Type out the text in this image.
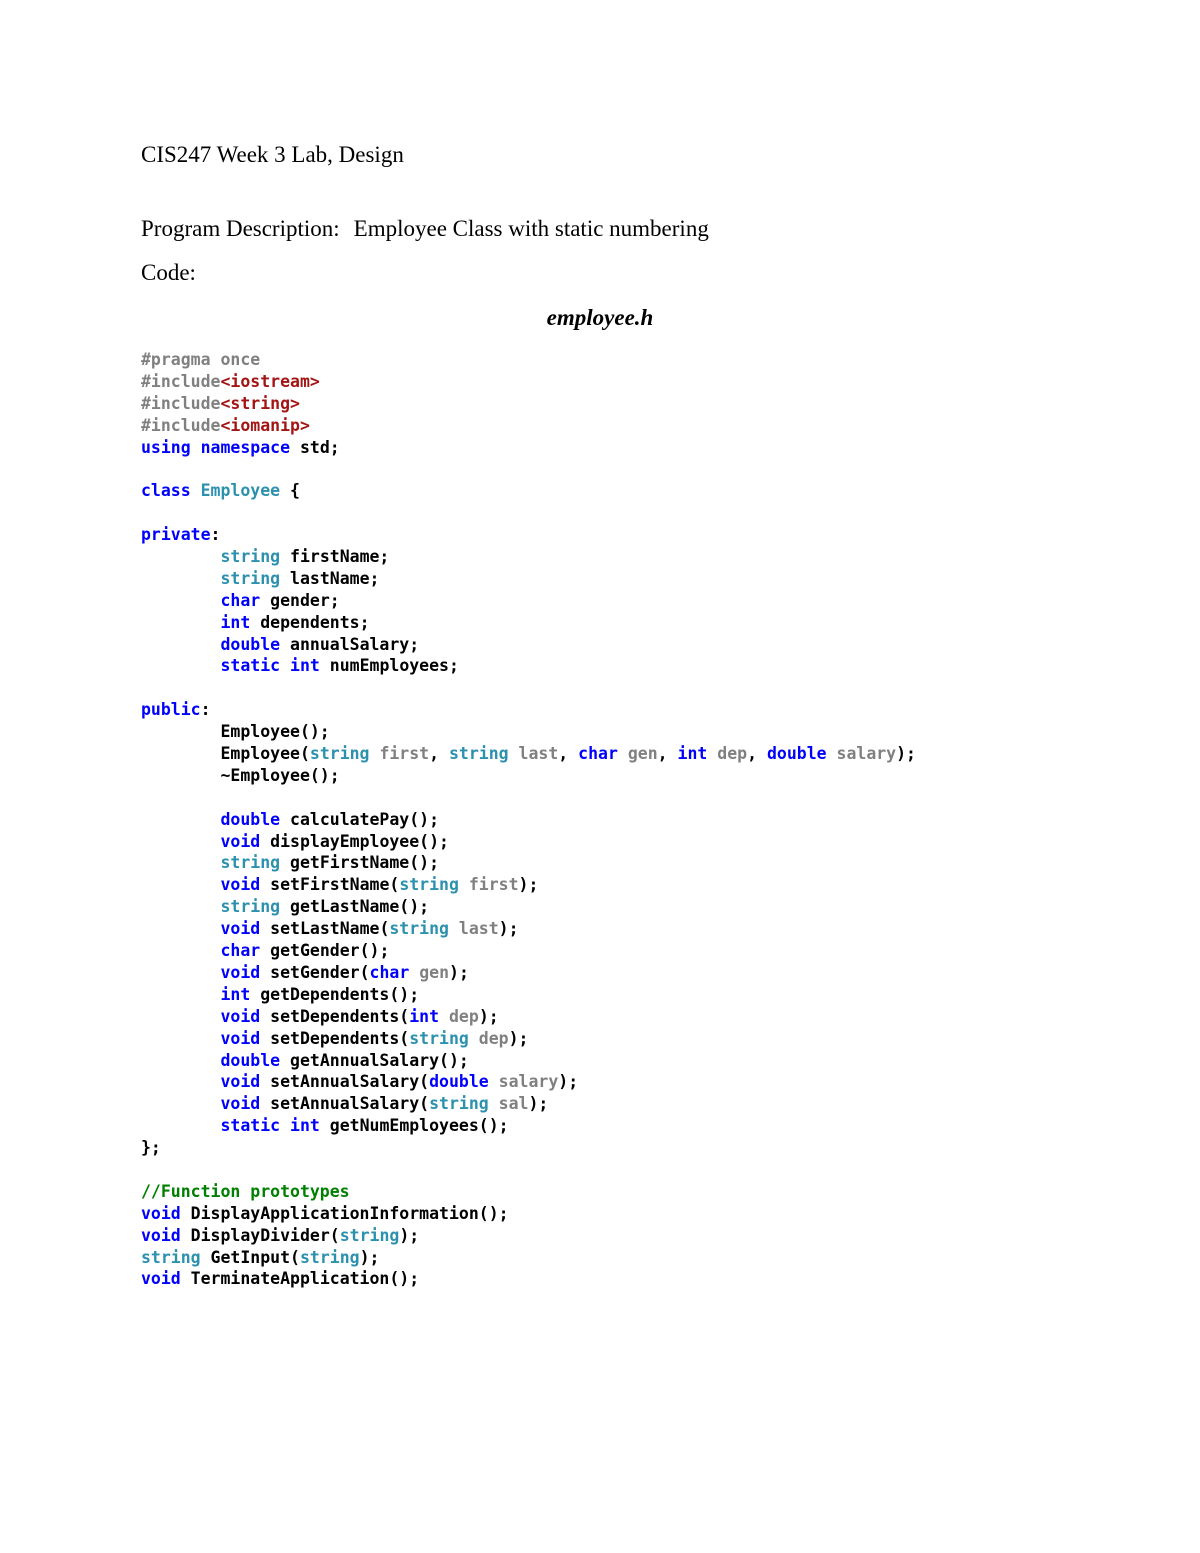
CIS247 Week 3 Lab, Design
Program Description: Employee Class with static numbering
Code:
employee.h
#pragma once
#include<iostream>
#include<string>
#include<iomanip>
using namespace std;

class Employee {

private:
string firstName;
string lastName;
char gender;
int dependents;
double annualSalary;
static int numEmployees;

public:
Employee();
Employee(string first, string last, char gen, int dep, double salary);
~Employee();

double calculatePay();
void displayEmployee();
string getFirstName();
void setFirstName(string first);
string getLastName();
void setLastName(string last);
char getGender();
void setGender(char gen);
int getDependents();
void setDependents(int dep);
void setDependents(string dep);
double getAnnualSalary();
void setAnnualSalary(double salary);
void setAnnualSalary(string sal);
static int getNumEmployees();
};

//Function prototypes
void DisplayApplicationInformation();
void DisplayDivider(string);
string GetInput(string);
void TerminateApplication();
